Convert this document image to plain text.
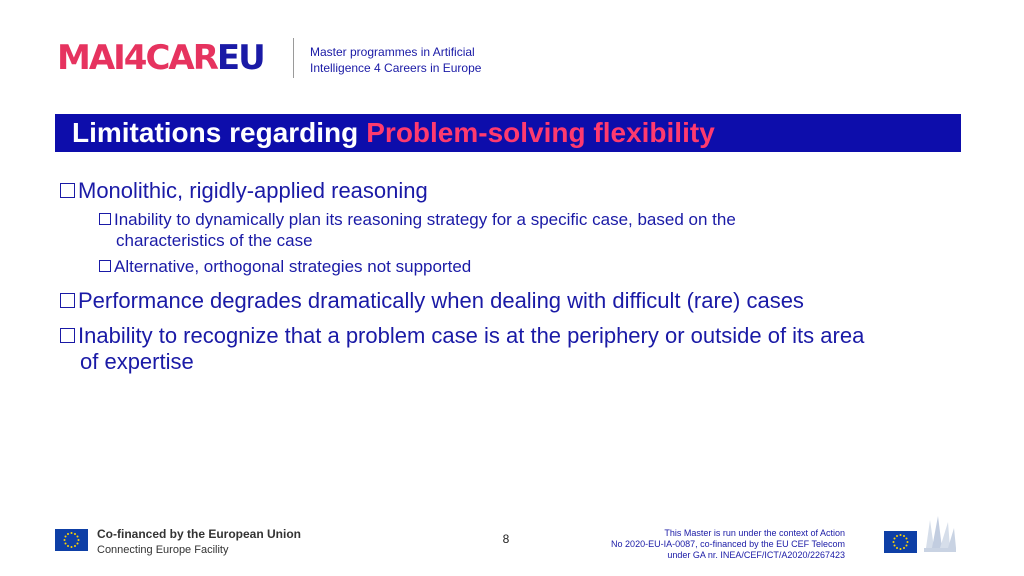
MAI4CAREU	Master programmes in Artificial
Intelligence 4 Careers in Europe
Limitations regarding Problem-solving flexibility
Monolithic, rigidly-applied reasoning
Inability to dynamically plan its reasoning strategy for a specific case, based on the
characteristics of the case
Alternative, orthogonal strategies not supported
Performance degrades dramatically when dealing with difficult (rare) cases
Inability to recognize that a problem case is at the periphery or outside of its area
of expertise
Co-financed by the European Union
Connecting Europe Facility
8	This Master is run under the context of Action
No 2020-EU-IA-0087, co-financed by the EU CEF Telecom
under GA nr. INEA/CEF/ICT/A2020/2267423
